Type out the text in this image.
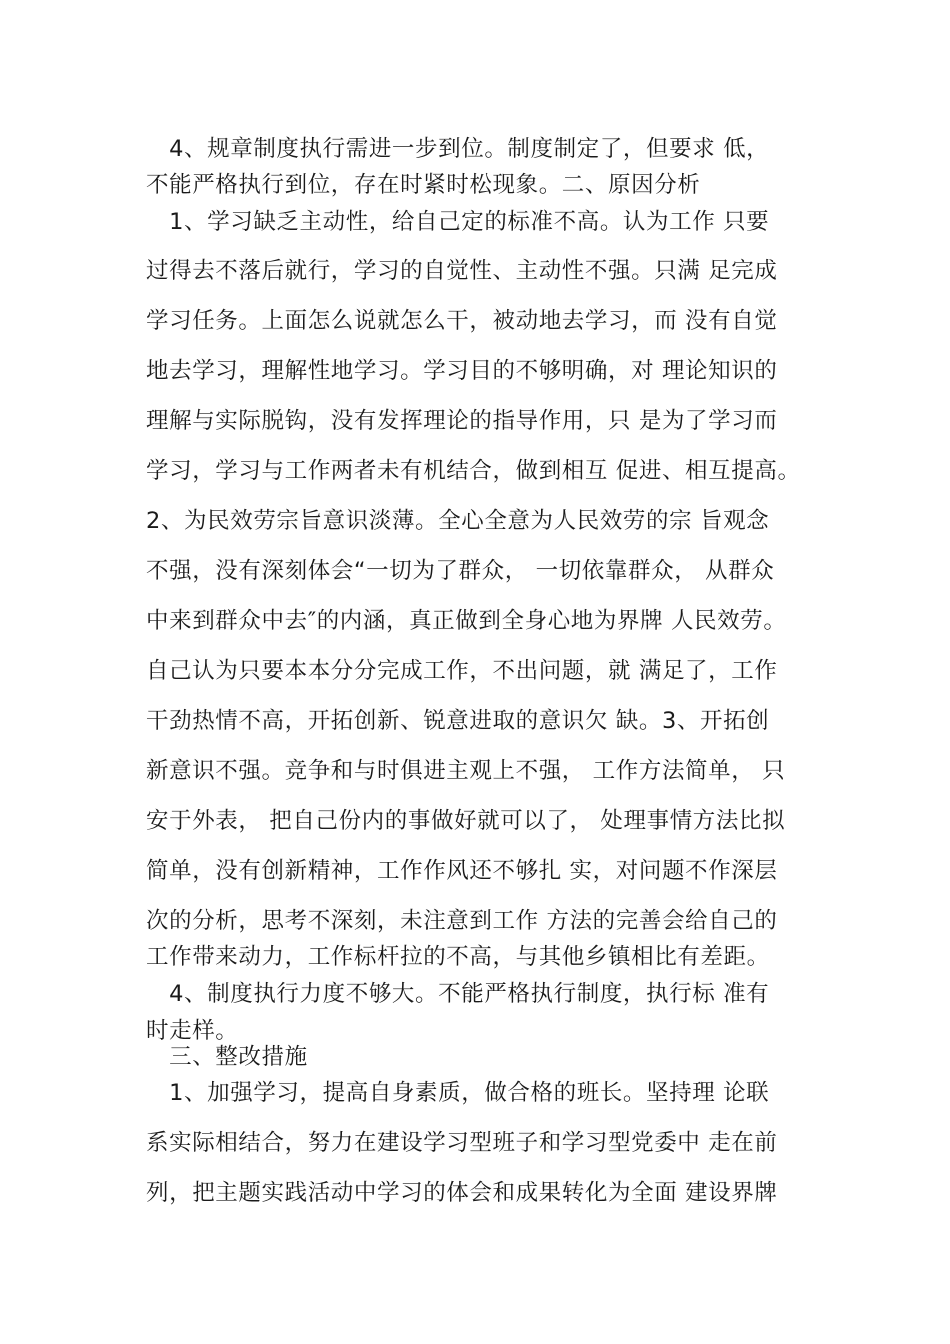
　4、规章制度执行需进一步到位。制度制定了，但要求 低，
不能严格执行到位，存在时紧时松现象。二、原因分析
　1、学习缺乏主动性，给自己定的标准不高。认为工作 只要
过得去不落后就行，学习的自觉性、主动性不强。只满 足完成
学习任务。上面怎么说就怎么干，被动地去学习，而 没有自觉
地去学习，理解性地学习。学习目的不够明确，对 理论知识的
理解与实际脱钩，没有发挥理论的指导作用，只 是为了学习而
学习，学习与工作两者未有机结合，做到相互 促进、相互提高。
2、为民效劳宗旨意识淡薄。全心全意为人民效劳的宗 旨观念
不强，没有深刻体会“一切为了群众， 一切依靠群众， 从群众
中来到群众中去″的内涵，真正做到全身心地为界牌 人民效劳。
自己认为只要本本分分完成工作，不出问题，就 满足了，工作
干劲热情不高，开拓创新、锐意进取的意识欠 缺。3、开拓创
新意识不强。竞争和与时俱进主观上不强， 工作方法简单， 只
安于外表， 把自己份内的事做好就可以了， 处理事情方法比拟
简单，没有创新精神，工作作风还不够扎 实，对问题不作深层
次的分析，思考不深刻，未注意到工作 方法的完善会给自己的
工作带来动力，工作标杆拉的不高，与其他乡镇相比有差距。
　4、制度执行力度不够大。不能严格执行制度，执行标 准有
时走样。
　三、整改措施
　1、加强学习，提高自身素质，做合格的班长。坚持理 论联
系实际相结合，努力在建设学习型班子和学习型党委中 走在前
列，把主题实践活动中学习的体会和成果转化为全面 建设界牌
